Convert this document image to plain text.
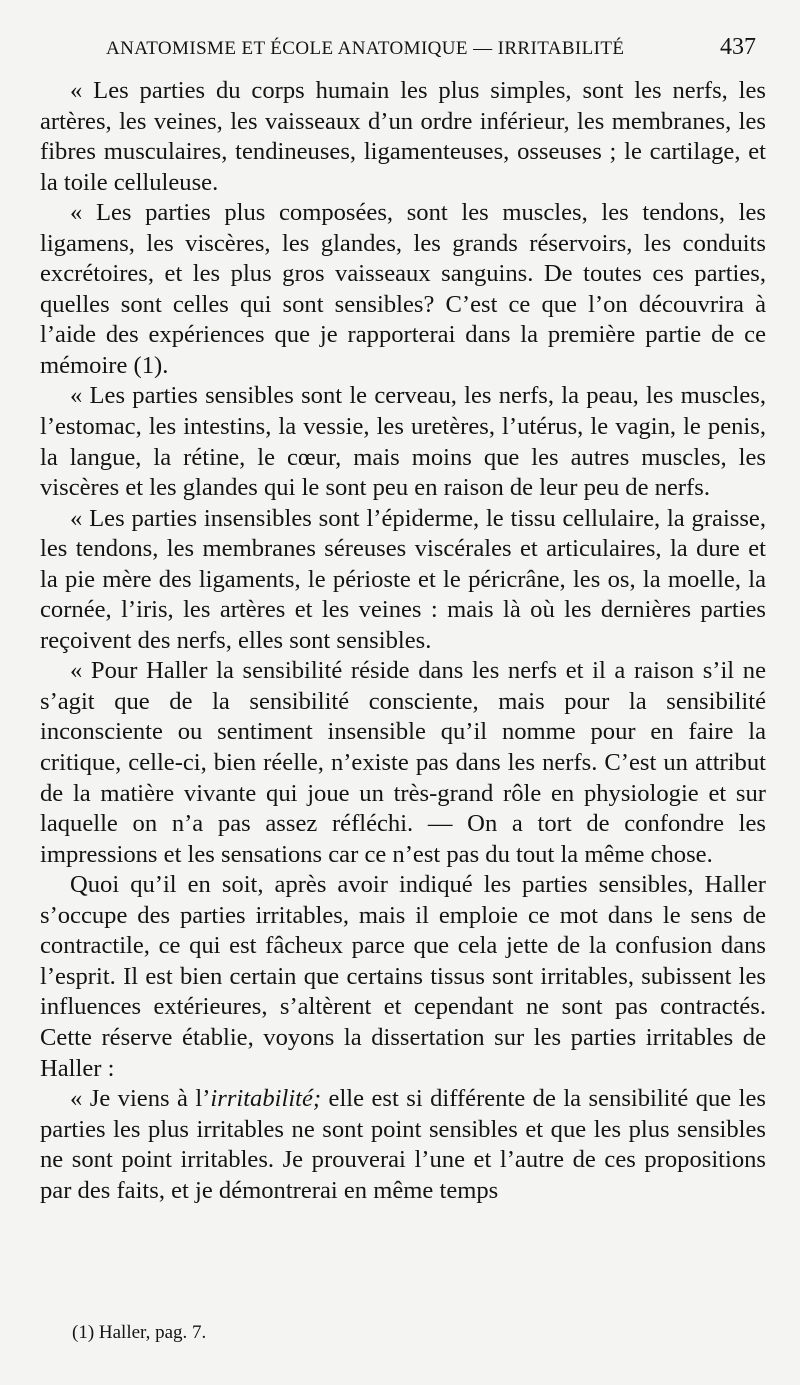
ANATOMISME ET ÉCOLE ANATOMIQUE — IRRITABILITÉ	437

« Les parties du corps humain les plus simples, sont les nerfs, les artères, les veines, les vaisseaux d’un ordre inférieur, les membranes, les fibres musculaires, tendineuses, ligamenteuses, osseuses ; le cartilage, et la toile celluleuse.

« Les parties plus composées, sont les muscles, les tendons, les ligamens, les viscères, les glandes, les grands réservoirs, les conduits excrétoires, et les plus gros vaisseaux sanguins. De toutes ces parties, quelles sont celles qui sont sensibles? C’est ce que l’on découvrira à l’aide des expériences que je rapporterai dans la première partie de ce mémoire (1).

« Les parties sensibles sont le cerveau, les nerfs, la peau, les muscles, l’estomac, les intestins, la vessie, les uretères, l’utérus, le vagin, le penis, la langue, la rétine, le cœur, mais moins que les autres muscles, les viscères et les glandes qui le sont peu en raison de leur peu de nerfs.

« Les parties insensibles sont l’épiderme, le tissu cellulaire, la graisse, les tendons, les membranes séreuses viscérales et articulaires, la dure et la pie mère des ligaments, le périoste et le péricrâne, les os, la moelle, la cornée, l’iris, les artères et les veines : mais là où les dernières parties reçoivent des nerfs, elles sont sensibles.

« Pour Haller la sensibilité réside dans les nerfs et il a raison s’il ne s’agit que de la sensibilité consciente, mais pour la sensibilité inconsciente ou sentiment insensible qu’il nomme pour en faire la critique, celle-ci, bien réelle, n’existe pas dans les nerfs. C’est un attribut de la matière vivante qui joue un très-grand rôle en physiologie et sur laquelle on n’a pas assez réfléchi. — On a tort de confondre les impressions et les sensations car ce n’est pas du tout la même chose.

Quoi qu’il en soit, après avoir indiqué les parties sensibles, Haller s’occupe des parties irritables, mais il emploie ce mot dans le sens de contractile, ce qui est fâcheux parce que cela jette de la confusion dans l’esprit. Il est bien certain que certains tissus sont irritables, subissent les influences extérieures, s’altèrent et cependant ne sont pas contractés. Cette réserve établie, voyons la dissertation sur les parties irritables de Haller :

« Je viens à l’irritabilité; elle est si différente de la sensibilité que les parties les plus irritables ne sont point sensibles et que les plus sensibles ne sont point irritables. Je prouverai l’une et l’autre de ces propositions par des faits, et je démontrerai en même temps

(1) Haller, pag. 7.
